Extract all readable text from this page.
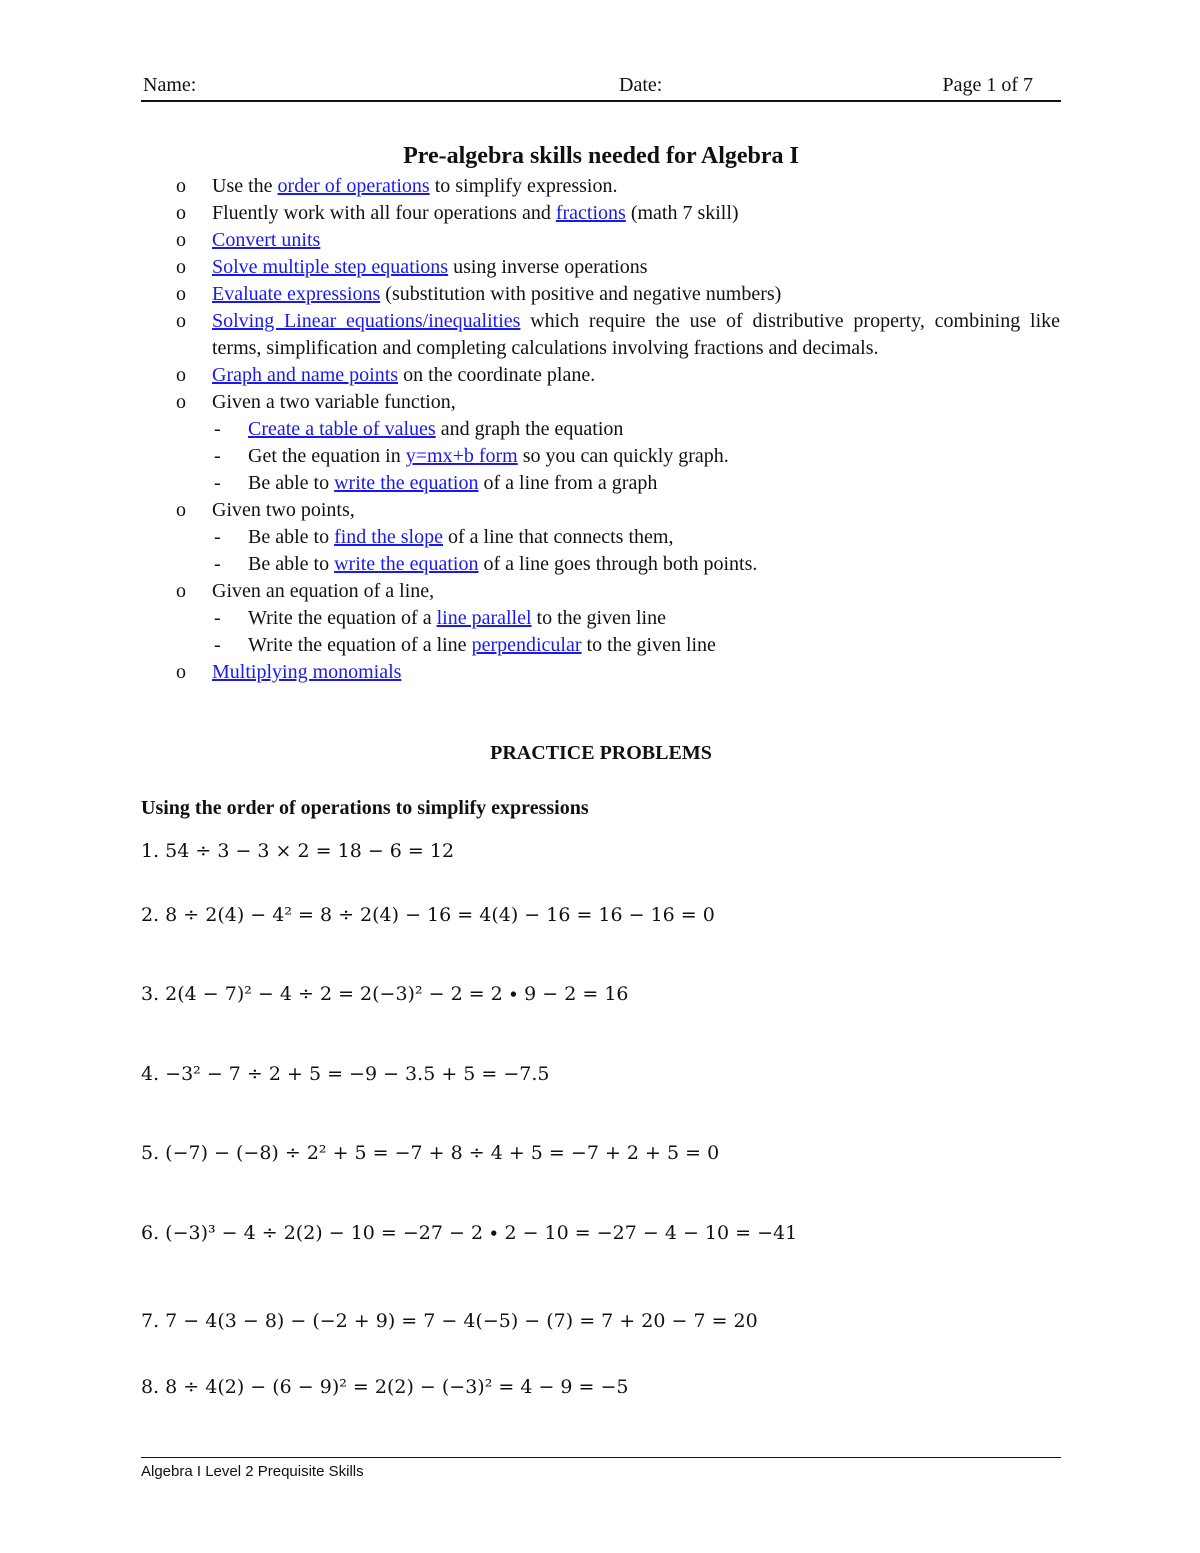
Name:	Date:	Page 1 of 7
Pre-algebra skills needed for Algebra I
o Use the order of operations to simplify expression.
o Fluently work with all four operations and fractions (math 7 skill)
o Convert units
o Solve multiple step equations using inverse operations
o Evaluate expressions (substitution with positive and negative numbers)
o Solving Linear equations/inequalities which require the use of distributive property, combining like terms, simplification and completing calculations involving fractions and decimals.
o Graph and name points on the coordinate plane.
o Given a two variable function,
- Create a table of values and graph the equation
- Get the equation in y=mx+b form so you can quickly graph.
- Be able to write the equation of a line from a graph
o Given two points,
- Be able to find the slope of a line that connects them,
- Be able to write the equation of a line goes through both points.
o Given an equation of a line,
- Write the equation of a line parallel to the given line
- Write the equation of a line perpendicular to the given line
o Multiplying monomials
PRACTICE PROBLEMS
Using the order of operations to simplify expressions
1. 54 ÷ 3 − 3 × 2 = 18 − 6 = 12
2. 8 ÷ 2(4) − 4² = 8 ÷ 2(4) − 16 = 4(4) − 16 = 16 − 16 = 0
3. 2(4 − 7)² − 4 ÷ 2 = 2(−3)² − 2 = 2 ∙ 9 − 2 = 16
4. −3² − 7 ÷ 2 + 5 = −9 − 3.5 + 5 = −7.5
5. (−7) − (−8) ÷ 2² + 5 = −7 + 8 ÷ 4 + 5 = −7 + 2 + 5 = 0
6. (−3)³ − 4 ÷ 2(2) − 10 = −27 − 2 ∙ 2 − 10 = −27 − 4 − 10 = −41
7. 7 − 4(3 − 8) − (−2 + 9) = 7 − 4(−5) − (7) = 7 + 20 − 7 = 20
8. 8 ÷ 4(2) − (6 − 9)² = 2(2) − (−3)² = 4 − 9 = −5
Algebra I Level 2 Prequisite Skills
